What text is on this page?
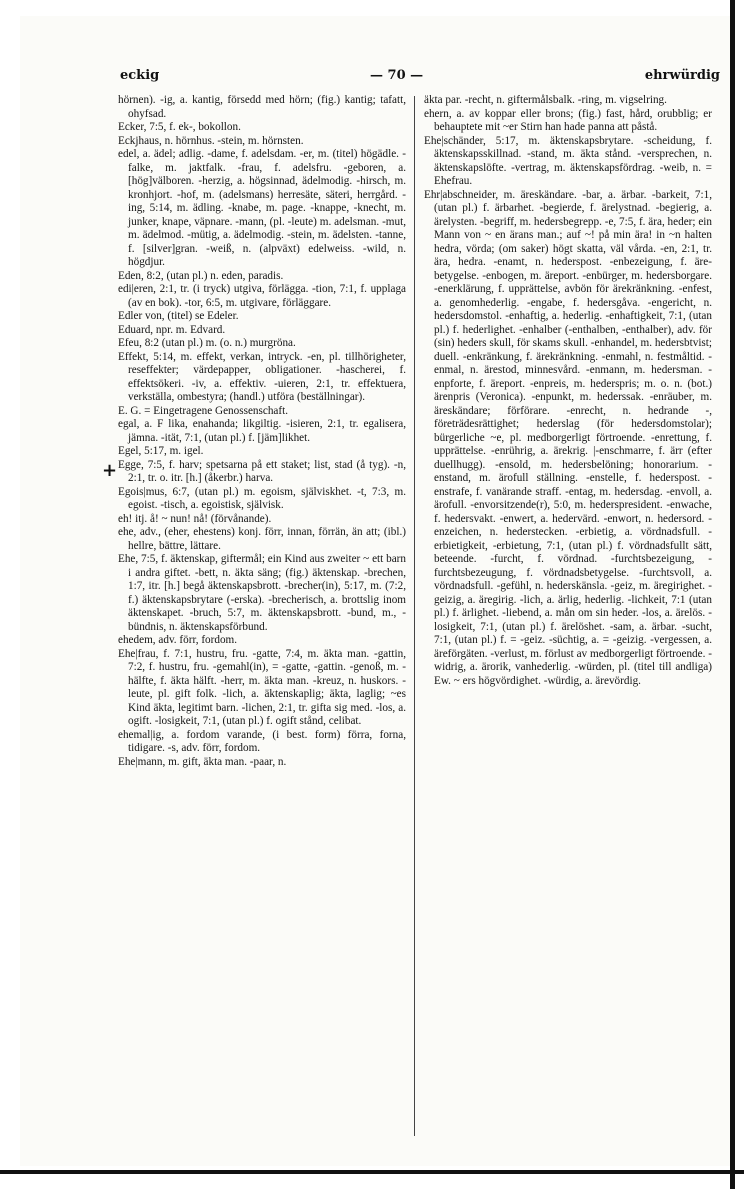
eckig	— 70 —	ehrwürdig
+

hörnen). -ig, a. kantig, försedd med hörn; (fig.) kantig; tafatt, ohyfsad.

Ecker, 7:5, f. ek-, bokollon.

Eckjhaus, n. hörnhus. -stein, m. hörnsten.

edel, a. ädel; adlig. -dame, f. adelsdam. -er, m. (titel) högädle. -falke, m. jaktfalk. -frau, f. adelsfru. -geboren, a. [hög]välboren. -herzig, a. högsinnad, ädelmodig. -hirsch, m. kronhjort. -hof, m. (adelsmans) herresäte, säteri, herrgård. -ing, 5:14, m. ädling. -knabe, m. page. -knappe, -knecht, m. junker, knape, väpnare. -mann, (pl. -leute) m. adelsman. -mut, m. ädelmod. -mütig, a. ädelmodig. -stein, m. ädelsten. -tanne, f. [silver]gran. -weiß, n. (alpväxt) edelweiss. -wild, n. högdjur.

Eden, 8:2, (utan pl.) n. eden, paradis.

edi|eren, 2:1, tr. (i tryck) utgiva, förlägga. -tion, 7:1, f. upplaga (av en bok). -tor, 6:5, m. utgivare, förläggare.

Edler von, (titel) se Edeler.

Eduard, npr. m. Edvard.

Efeu, 8:2 (utan pl.) m. (o. n.) murgröna.

Effekt, 5:14, m. effekt, verkan, intryck. -en, pl. tillhörigheter, reseffekter; värdepapper, obligationer. -hascherei, f. effektsökeri. -iv, a. effektiv. -uieren, 2:1, tr. effektuera, verkställa, ombestyra; (handl.) utföra (beställningar).

E. G. = Eingetragene Genossenschaft.

egal, a. F lika, enahanda; likgiltig. -isieren, 2:1, tr. egalisera, jämna. -ität, 7:1, (utan pl.) f. [jäm]likhet.

Egel, 5:17, m. igel.

Egge, 7:5, f. harv; spetsarna på ett staket; list, stad (å tyg). -n, 2:1, tr. o. itr. [h.] (åkerbr.) harva.

Egois|mus, 6:7, (utan pl.) m. egoism, själviskhet. -t, 7:3, m. egoist. -tisch, a. egoistisk, självisk.

eh! itj. å! ~ nun! nå! (förvånande).

ehe, adv., (eher, ehestens) konj. förr, innan, förrän, än att; (ibl.) hellre, bättre, lättare.

Ehe, 7:5, f. äktenskap, giftermål; ein Kind aus zweiter ~ ett barn i andra giftet. -bett, n. äkta säng; (fig.) äktenskap. -brechen, 1:7, itr. [h.] begå äktenskapsbrott. -brecher(in), 5:17, m. (7:2, f.) äktenskapsbrytare (-erska). -brecherisch, a. brottslig inom äktenskapet. -bruch, 5:7, m. äktenskapsbrott. -bund, m., -bündnis, n. äktenskapsförbund.

ehedem, adv. förr, fordom.

Ehe|frau, f. 7:1, hustru, fru. -gatte, 7:4, m. äkta man. -gattin, 7:2, f. hustru, fru. -gemahl(in), = -gatte, -gattin. -genoß, m. -hälfte, f. äkta hälft. -herr, m. äkta man. -kreuz, n. huskors. -leute, pl. gift folk. -lich, a. äktenskaplig; äkta, laglig; ~es Kind äkta, legitimt barn. -lichen, 2:1, tr. gifta sig med. -los, a. ogift. -losigkeit, 7:1, (utan pl.) f. ogift stånd, celibat.

ehemal|ig, a. fordom varande, (i best. form) förra, forna, tidigare. -s, adv. förr, fordom.

Ehe|mann, m. gift, äkta man. -paar, n.

äkta par. -recht, n. giftermålsbalk. -ring, m. vigselring.

ehern, a. av koppar eller brons; (fig.) fast, hård, orubblig; er behauptete mit ~er Stirn han hade panna att påstå.

Ehe|schänder, 5:17, m. äktenskapsbrytare. -scheidung, f. äktenskapsskillnad. -stand, m. äkta stånd. -versprechen, n. äktenskapslöfte. -vertrag, m. äktenskapsfördrag. -weib, n. = Ehefrau.

Ehr|abschneider, m. äreskändare. -bar, a. ärbar. -barkeit, 7:1, (utan pl.) f. ärbarhet. -begierde, f. ärelystnad. -begierig, a. ärelysten. -begriff, m. hedersbegrepp. -e, 7:5, f. ära, heder; ein Mann von ~ en ärans man.; auf ~! på min ära! in ~n halten hedra, vörda; (om saker) högt skatta, väl vårda. -en, 2:1, tr. ära, hedra. -enamt, n. hederspost. -enbezeigung, f. ärebetygelse. -enbogen, m. äreport. -enbürger, m. hedersborgare. -enerklärung, f. upprättelse, avbön för ärekränkning. -enfest, a. genomhederlig. -engabe, f. hedersgåva. -engericht, n. hedersdomstol. -enhaftig, a. hederlig. -enhaftigkeit, 7:1, (utan pl.) f. hederlighet. -enhalber (-enthalben, -enthalber), adv. för (sin) heders skull, för skams skull. -enhandel, m. hedersbtvist; duell. -enkränkung, f. ärekränkning. -enmahl, n. festmåltid. -enmal, n. ärestod, minnesvård. -enmann, m. hedersman. -enpforte, f. äreport. -enpreis, m. hederspris; m. o. n. (bot.) ärenpris (Veronica). -enpunkt, m. hederssak. -enräuber, m. äreskändare; förförare. -enrecht, n. hedrande -, företrädesrättighet; hederslag (för hedersdomstolar); bürgerliche ~e, pl. medborgerligt förtroende. -enrettung, f. upprättelse. -enrührig, a. ärekrig. |-enschmarre, f. ärr (efter duellhugg). -ensold, m. hedersbelöning; honorarium. -enstand, m. ärofull ställning. -enstelle, f. hederspost. -enstrafe, f. vanärande straff. -entag, m. hedersdag. -envoll, a. ärofull. -envorsitzende(r), 5:0, m. hederspresident. -enwache, f. hedersvakt. -enwert, a. hedervärd. -enwort, n. hedersord. -enzeichen, n. hederstecken. -erbietig, a. vördnadsfull. -erbietigkeit, -erbietung, 7:1, (utan pl.) f. vördnadsfullt sätt, beteende. -furcht, f. vördnad. -furchtsbezeigung, -furchtsbezeugung, f. vördnadsbetygelse. -furchtsvoll, a. vördnadsfull. -gefühl, n. hederskänsla. -geiz, m. äregirighet. -geizig, a. äregirig. -lich, a. ärlig, hederlig. -lichkeit, 7:1 (utan pl.) f. ärlighet. -liebend, a. mån om sin heder. -los, a. ärelös. -losigkeit, 7:1, (utan pl.) f. ärelöshet. -sam, a. ärbar. -sucht, 7:1, (utan pl.) f. = -geiz. -süchtig, a. = -geizig. -vergessen, a. äreförgäten. -verlust, m. förlust av medborgerligt förtroende. -widrig, a. ärorik, vanhederlig. -würden, pl. (titel till andliga) Ew. ~ ers högvördighet. -würdig, a. ärevördig.
